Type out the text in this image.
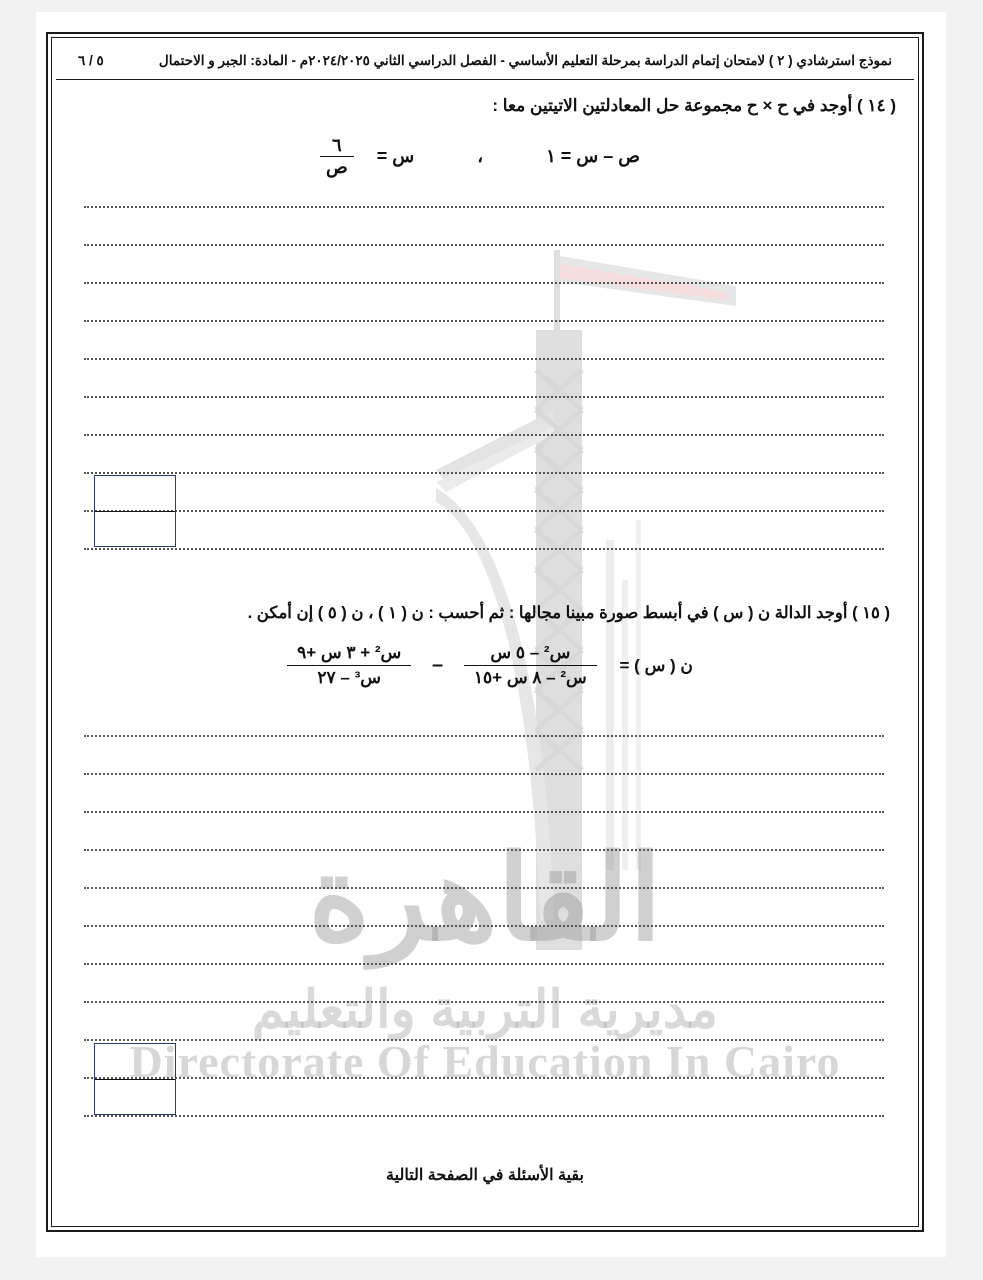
نموذج استرشادي ( ٢ ) لامتحان إتمام الدراسة بمرحلة التعليم الأساسي - الفصل الدراسي الثاني ٢٠٢٤/٢٠٢٥م - المادة: الجبر و الاحتمال
٥ / ٦
القاهرة
مديرية التربية والتعليم
Directorate Of Education In Cairo
( ١٤ ) أوجد في ح × ح مجموعة حل المعادلتين الاتيتين معا :
ص – س = ١ ، س =
$\frac{٦}{\text{ص}}$
( ١٥ ) أوجد الدالة ن ( س ) في أبسط صورة مبينا مجالها : ثم أحسب : ن ( ١ ) ، ن ( ٥ ) إن أمكن .
ن ( س ) =
$\frac{\text{س² – ٥ س}}{\text{س² – ٨ س +١٥}}$
–
$\frac{\text{س² + ٣ س +٩}}{\text{س³ – ٢٧}}$
بقية الأسئلة في الصفحة التالية
